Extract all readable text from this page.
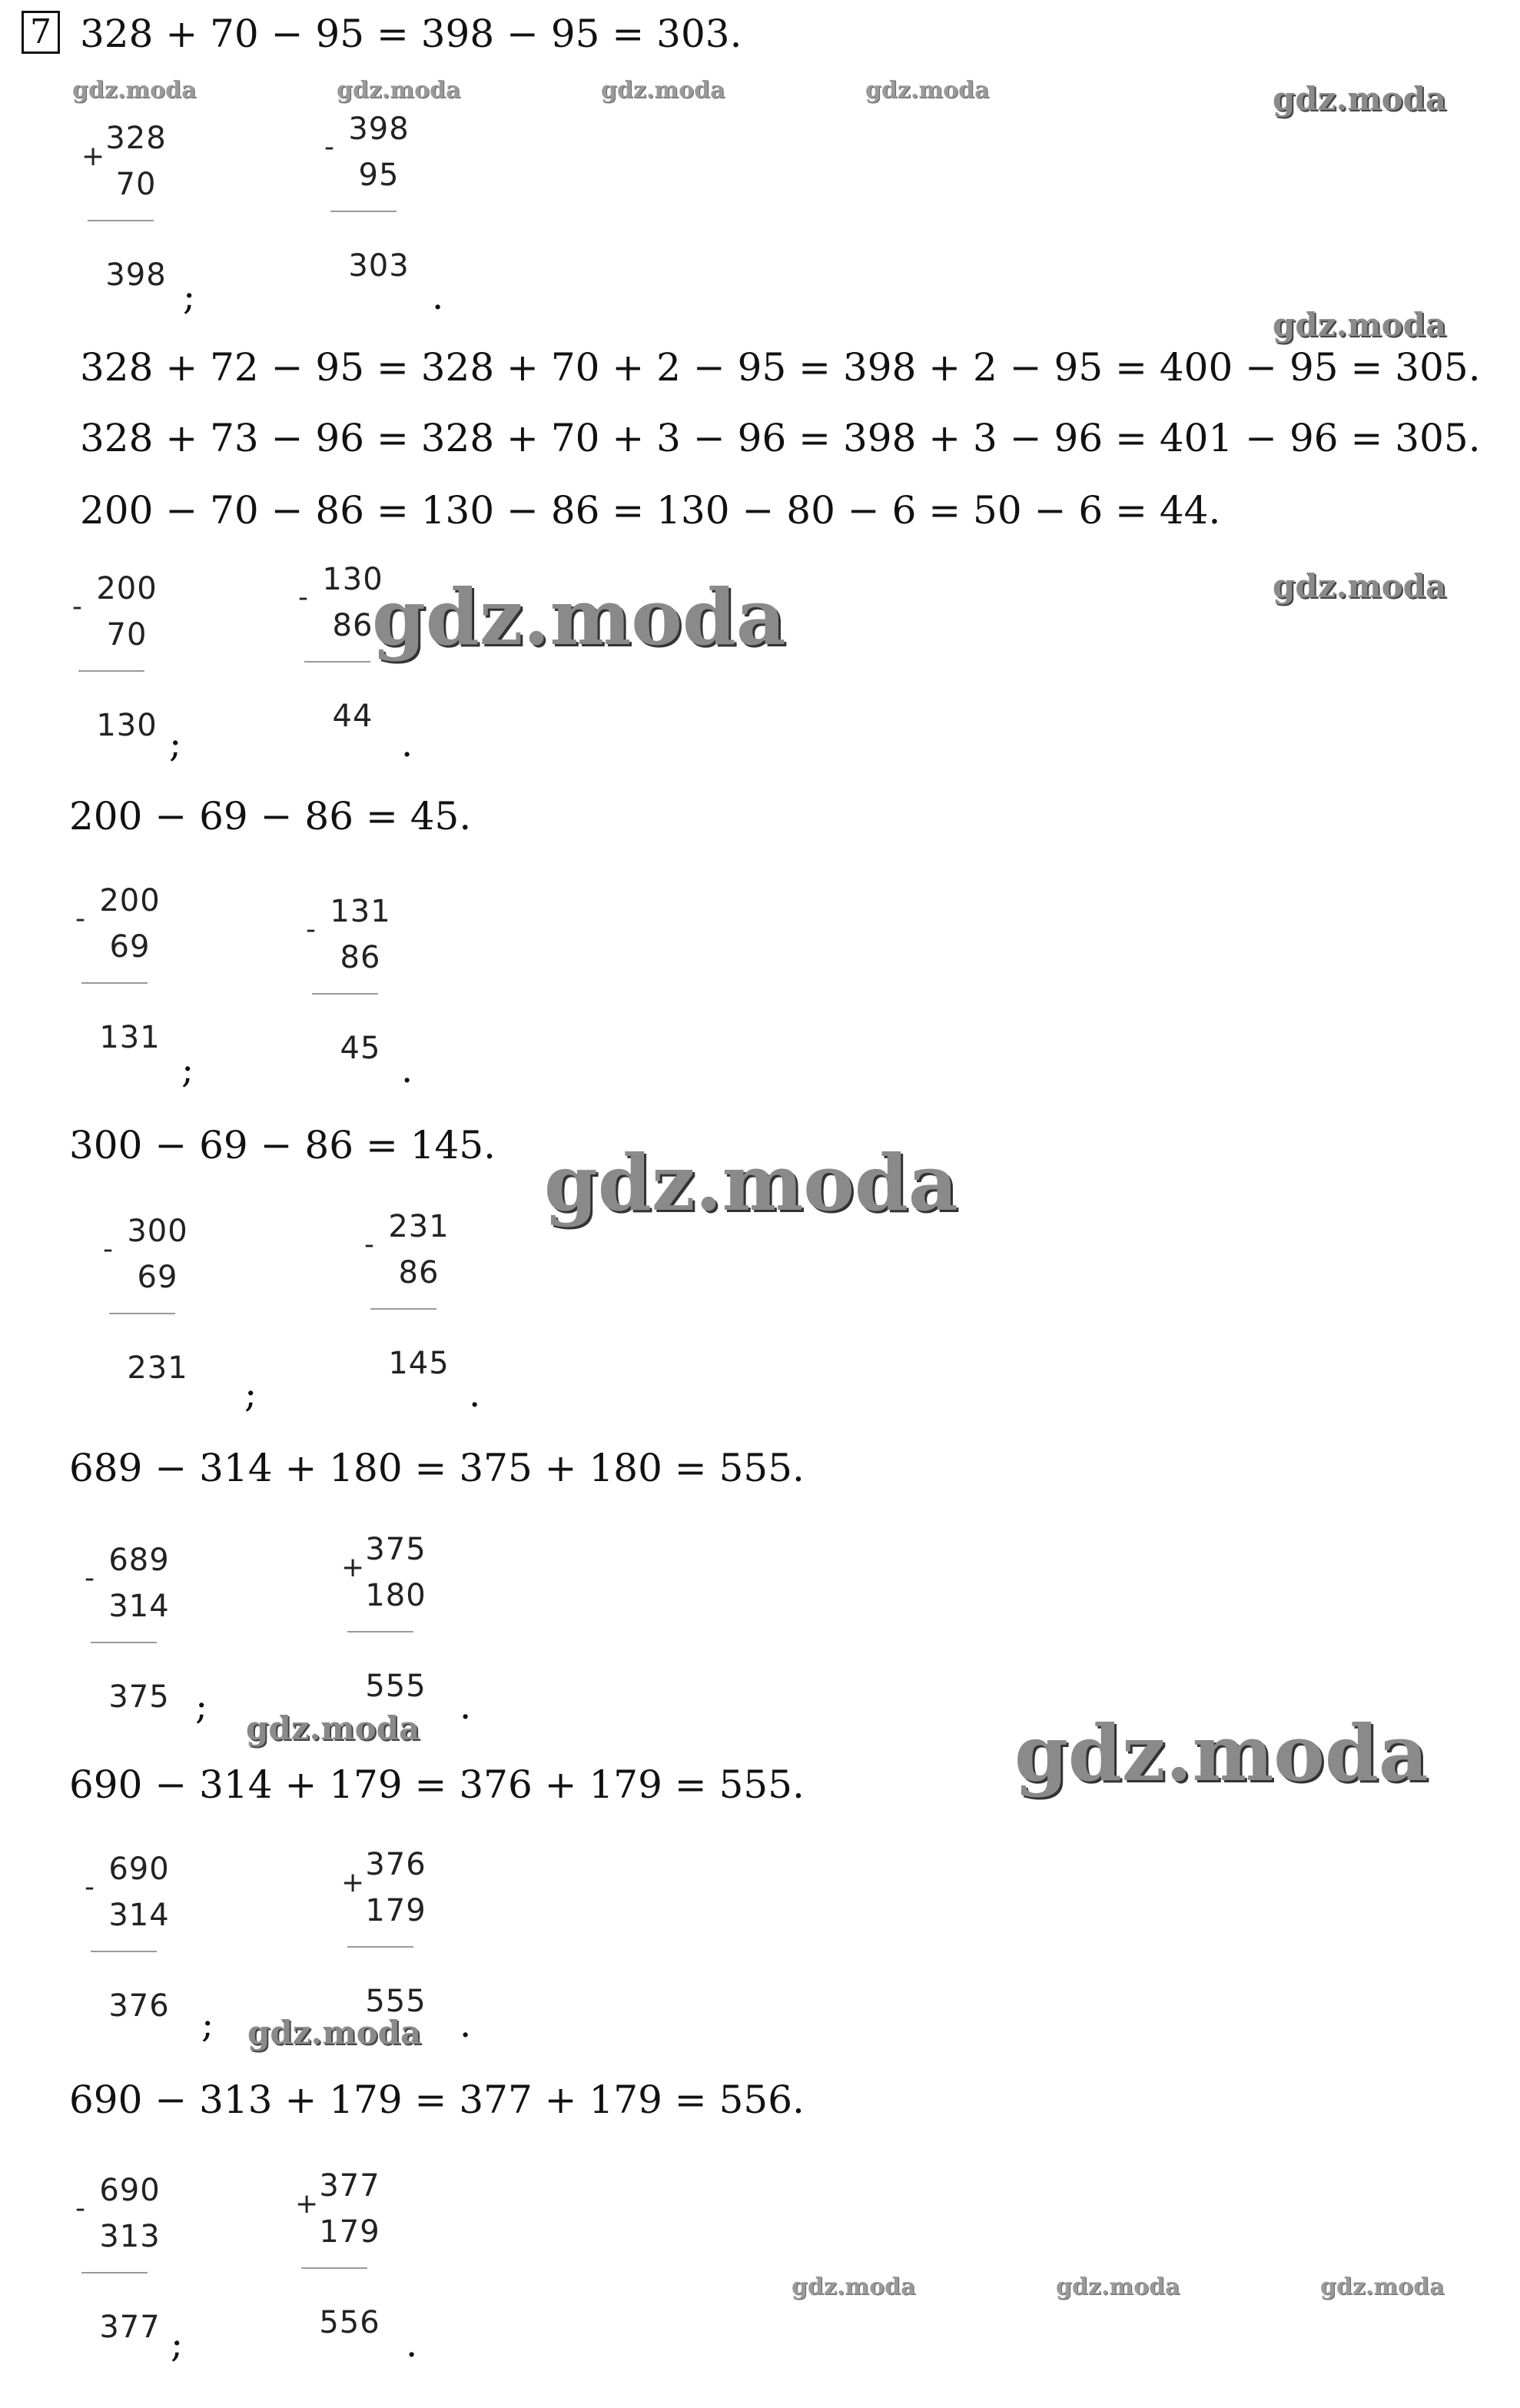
7 328 + 70 − 95 = 398 − 95 = 303.
328 + 72 − 95 = 328 + 70 + 2 − 95 = 398 + 2 − 95 = 400 − 95 = 305.
328 + 73 − 96 = 328 + 70 + 3 − 96 = 398 + 3 − 96 = 401 − 96 = 305.
200 − 70 − 86 = 130 − 86 = 130 − 80 − 6 = 50 − 6 = 44.
200 − 69 − 86 = 45.
300 − 69 − 86 = 145.
689 − 314 + 180 = 375 + 180 = 555.
690 − 314 + 179 = 376 + 179 = 555.
690 − 313 + 179 = 377 + 179 = 556.
328
+
70
398
398
-
95
303
200
-
70
130
130
-
86
44
200
-
69
131
131
-
86
45
300
-
69
231
231
-
86
145
689
-
314
375
375
+
180
555
690
-
314
376
376
+
179
555
690
-
313
377
377
+
179
556
;	.
;	.
;	.
;	.
;	.
;	.
;	.
gdz.moda	gdz.moda	gdz.moda	gdz.moda	gdz.moda
gdz.moda
gdz.moda
gdz.moda
gdz.moda
gdz.moda	gdz.moda
gdz.moda
gdz.moda	gdz.moda	gdz.moda
